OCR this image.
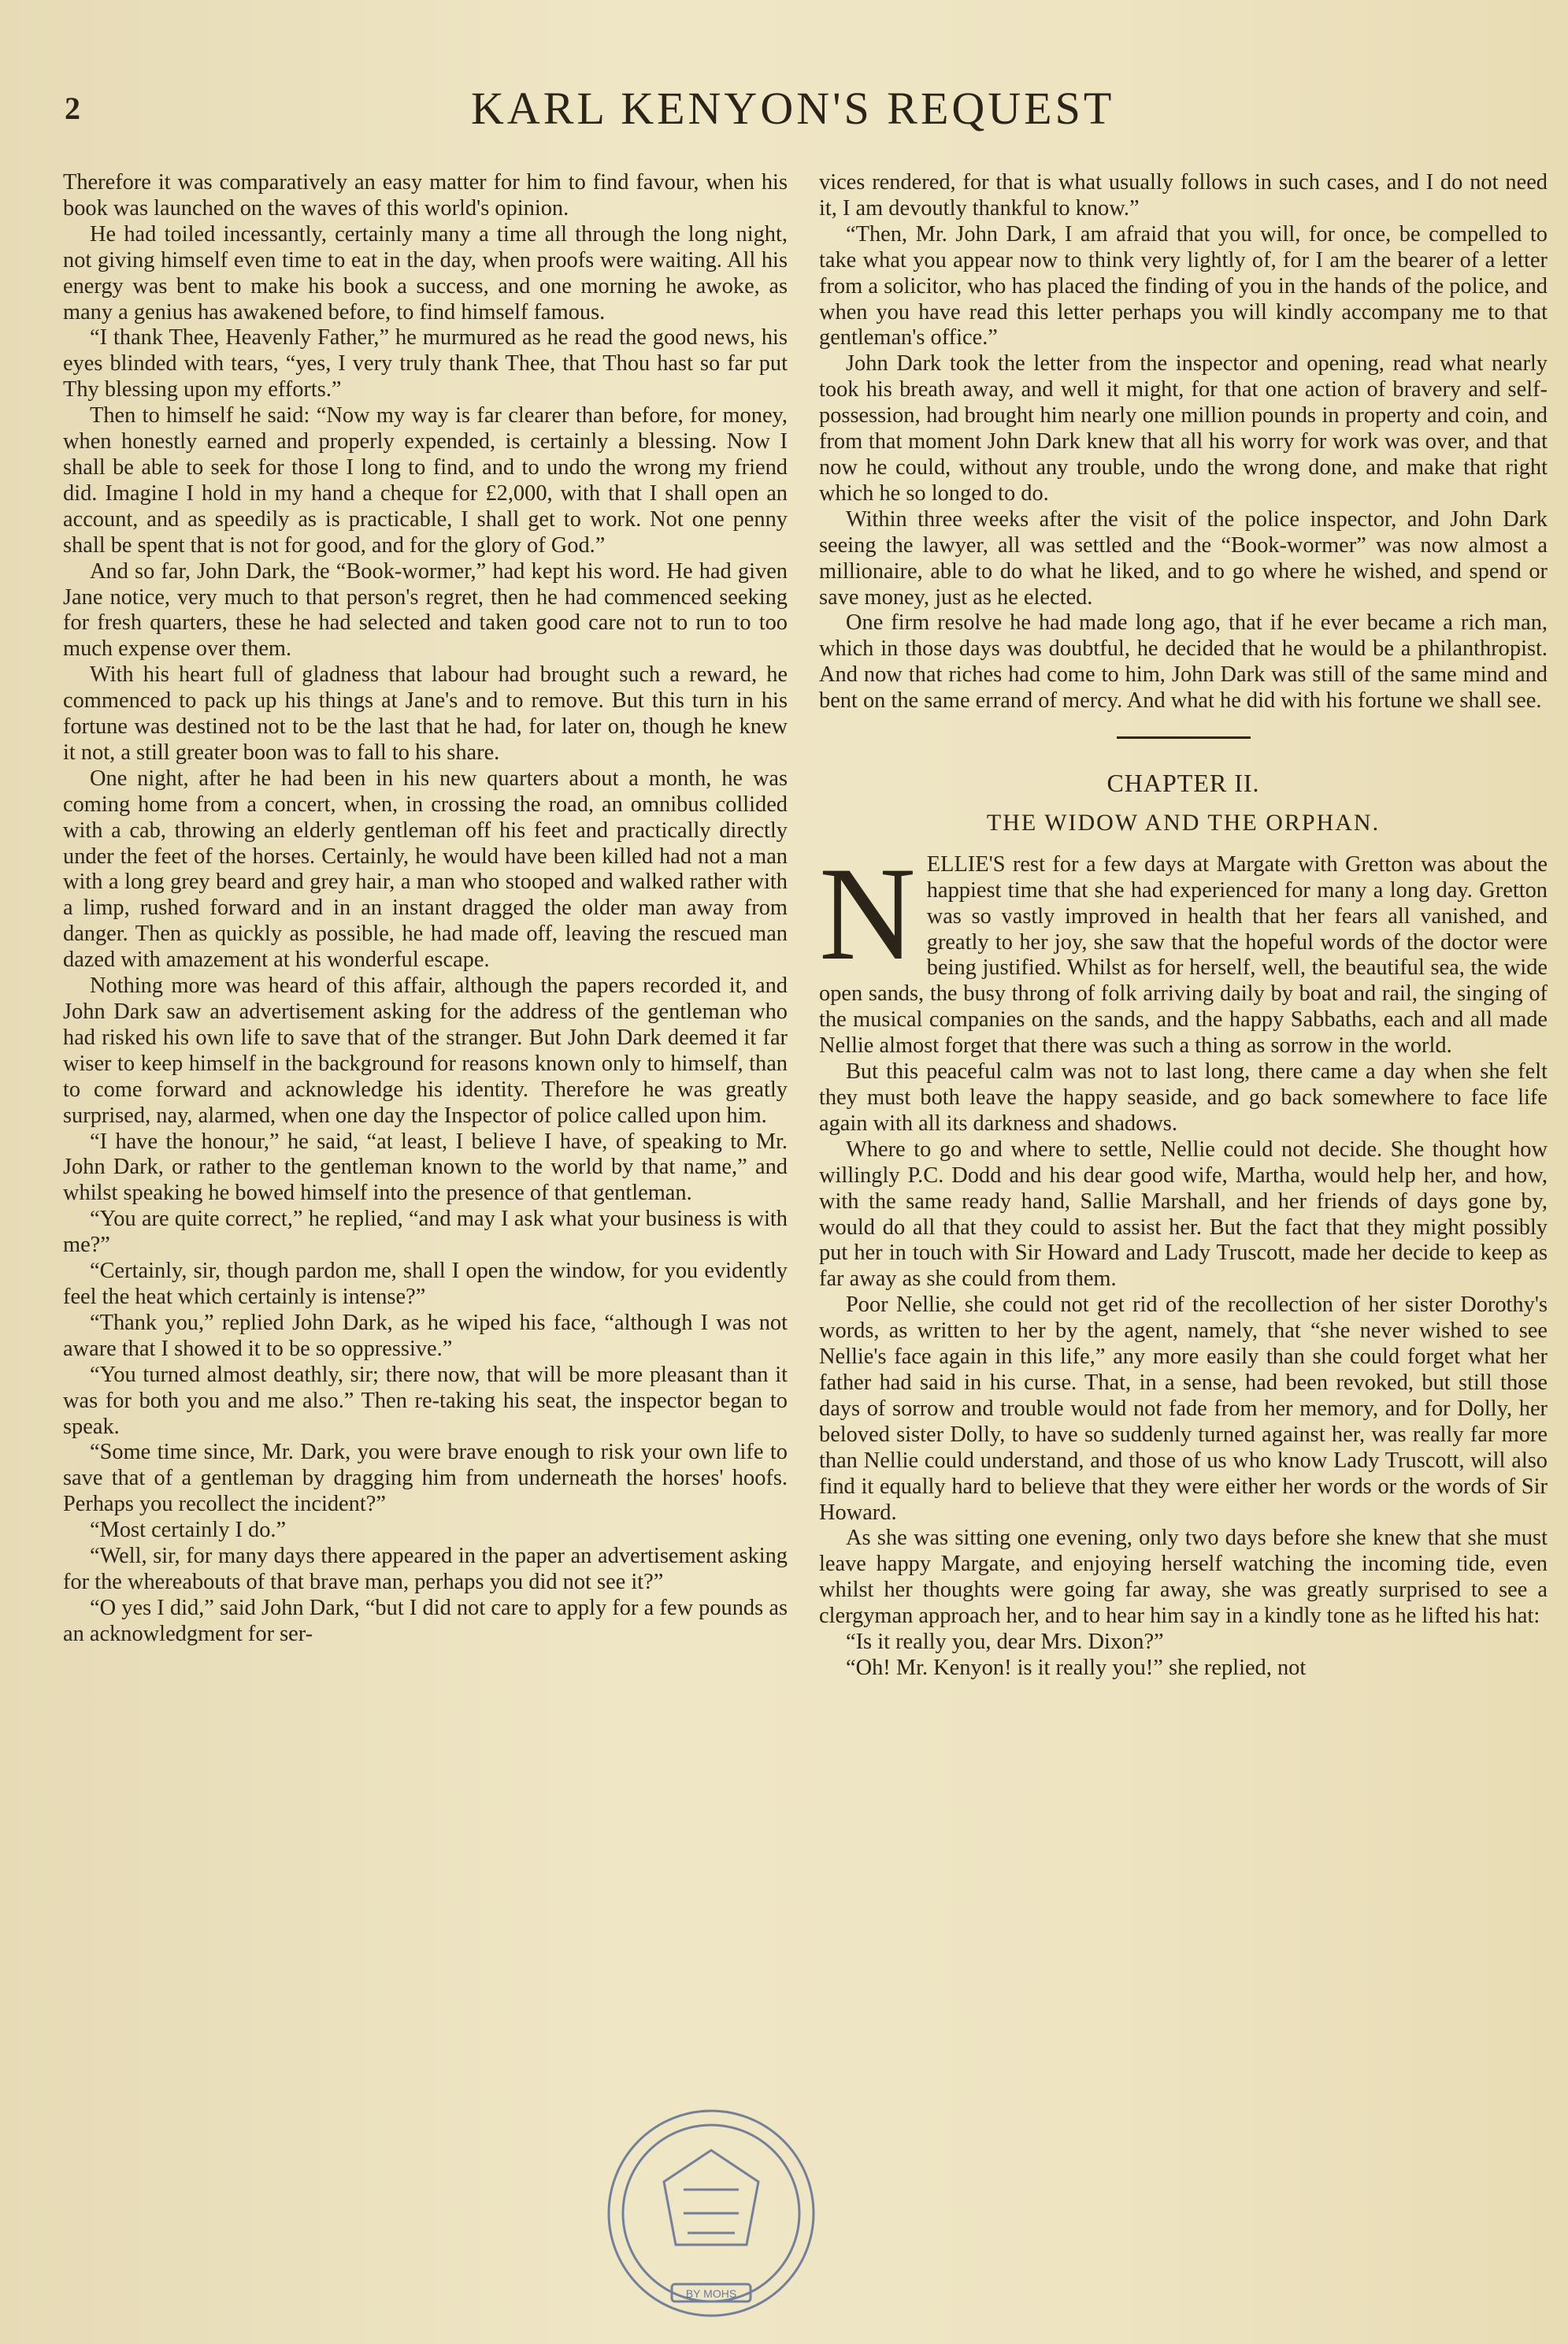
2	KARL KENYON'S REQUEST

Therefore it was comparatively an easy matter for him to find favour, when his book was launched on the waves of this world's opinion.

He had toiled incessantly, certainly many a time all through the long night, not giving himself even time to eat in the day, when proofs were waiting. All his energy was bent to make his book a success, and one morning he awoke, as many a genius has awakened before, to find himself famous.

“I thank Thee, Heavenly Father,” he murmured as he read the good news, his eyes blinded with tears, “yes, I very truly thank Thee, that Thou hast so far put Thy blessing upon my efforts.”

Then to himself he said: “Now my way is far clearer than before, for money, when honestly earned and properly expended, is certainly a blessing. Now I shall be able to seek for those I long to find, and to undo the wrong my friend did. Imagine I hold in my hand a cheque for £2,000, with that I shall open an account, and as speedily as is practicable, I shall get to work. Not one penny shall be spent that is not for good, and for the glory of God.”

And so far, John Dark, the “Book-wormer,” had kept his word. He had given Jane notice, very much to that person's regret, then he had commenced seeking for fresh quarters, these he had selected and taken good care not to run to too much expense over them.

With his heart full of gladness that labour had brought such a reward, he commenced to pack up his things at Jane's and to remove. But this turn in his fortune was destined not to be the last that he had, for later on, though he knew it not, a still greater boon was to fall to his share.

One night, after he had been in his new quarters about a month, he was coming home from a concert, when, in crossing the road, an omnibus collided with a cab, throwing an elderly gentleman off his feet and practically directly under the feet of the horses. Certainly, he would have been killed had not a man with a long grey beard and grey hair, a man who stooped and walked rather with a limp, rushed forward and in an instant dragged the older man away from danger. Then as quickly as possible, he had made off, leaving the rescued man dazed with amazement at his wonderful escape.

Nothing more was heard of this affair, although the papers recorded it, and John Dark saw an advertisement asking for the address of the gentleman who had risked his own life to save that of the stranger. But John Dark deemed it far wiser to keep himself in the background for reasons known only to himself, than to come forward and acknowledge his identity. Therefore he was greatly surprised, nay, alarmed, when one day the Inspector of police called upon him.

“I have the honour,” he said, “at least, I believe I have, of speaking to Mr. John Dark, or rather to the gentleman known to the world by that name,” and whilst speaking he bowed himself into the presence of that gentleman.

“You are quite correct,” he replied, “and may I ask what your business is with me?”

“Certainly, sir, though pardon me, shall I open the window, for you evidently feel the heat which certainly is intense?”

“Thank you,” replied John Dark, as he wiped his face, “although I was not aware that I showed it to be so oppressive.”

“You turned almost deathly, sir; there now, that will be more pleasant than it was for both you and me also.” Then re-taking his seat, the inspector began to speak.

“Some time since, Mr. Dark, you were brave enough to risk your own life to save that of a gentleman by dragging him from underneath the horses' hoofs. Perhaps you recollect the incident?”

“Most certainly I do.”

“Well, sir, for many days there appeared in the paper an advertisement asking for the whereabouts of that brave man, perhaps you did not see it?”

“O yes I did,” said John Dark, “but I did not care to apply for a few pounds as an acknowledgment for ser-

vices rendered, for that is what usually follows in such cases, and I do not need it, I am devoutly thankful to know.”

“Then, Mr. John Dark, I am afraid that you will, for once, be compelled to take what you appear now to think very lightly of, for I am the bearer of a letter from a solicitor, who has placed the finding of you in the hands of the police, and when you have read this letter perhaps you will kindly accompany me to that gentleman's office.”

John Dark took the letter from the inspector and opening, read what nearly took his breath away, and well it might, for that one action of bravery and self-possession, had brought him nearly one million pounds in property and coin, and from that moment John Dark knew that all his worry for work was over, and that now he could, without any trouble, undo the wrong done, and make that right which he so longed to do.

Within three weeks after the visit of the police inspector, and John Dark seeing the lawyer, all was settled and the “Book-wormer” was now almost a millionaire, able to do what he liked, and to go where he wished, and spend or save money, just as he elected.

One firm resolve he had made long ago, that if he ever became a rich man, which in those days was doubtful, he decided that he would be a philanthropist. And now that riches had come to him, John Dark was still of the same mind and bent on the same errand of mercy. And what he did with his fortune we shall see.

CHAPTER II.
THE WIDOW AND THE ORPHAN.

NELLIE'S rest for a few days at Margate with Gretton was about the happiest time that she had experienced for many a long day. Gretton was so vastly improved in health that her fears all vanished, and greatly to her joy, she saw that the hopeful words of the doctor were being justified. Whilst as for herself, well, the beautiful sea, the wide open sands, the busy throng of folk arriving daily by boat and rail, the singing of the musical companies on the sands, and the happy Sabbaths, each and all made Nellie almost forget that there was such a thing as sorrow in the world.

But this peaceful calm was not to last long, there came a day when she felt they must both leave the happy seaside, and go back somewhere to face life again with all its darkness and shadows.

Where to go and where to settle, Nellie could not decide. She thought how willingly P.C. Dodd and his dear good wife, Martha, would help her, and how, with the same ready hand, Sallie Marshall, and her friends of days gone by, would do all that they could to assist her. But the fact that they might possibly put her in touch with Sir Howard and Lady Truscott, made her decide to keep as far away as she could from them.

Poor Nellie, she could not get rid of the recollection of her sister Dorothy's words, as written to her by the agent, namely, that “she never wished to see Nellie's face again in this life,” any more easily than she could forget what her father had said in his curse. That, in a sense, had been revoked, but still those days of sorrow and trouble would not fade from her memory, and for Dolly, her beloved sister Dolly, to have so suddenly turned against her, was really far more than Nellie could understand, and those of us who know Lady Truscott, will also find it equally hard to believe that they were either her words or the words of Sir Howard.

As she was sitting one evening, only two days before she knew that she must leave happy Margate, and enjoying herself watching the incoming tide, even whilst her thoughts were going far away, she was greatly surprised to see a clergyman approach her, and to hear him say in a kindly tone as he lifted his hat:

“Is it really you, dear Mrs. Dixon?”

“Oh! Mr. Kenyon! is it really you!” she replied, not

BY MOHS
